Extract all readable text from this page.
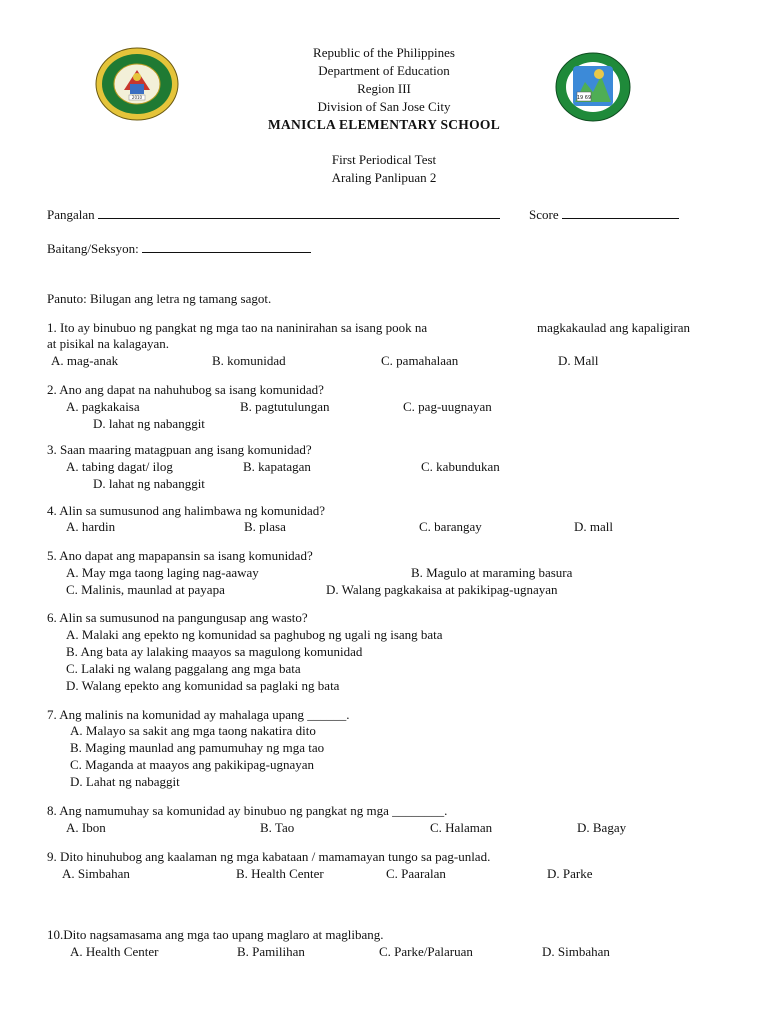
2010	19 69
Republic of the Philippines
Department of Education
Region III
Division of San Jose City
MANICLA ELEMENTARY SCHOOL
First Periodical Test
Araling Panlipuan 2
Pangalan	Score
Baitang/Seksyon:
Panuto: Bilugan ang letra ng tamang sagot.
1. Ito ay binubuo ng pangkat ng mga tao na naninirahan sa isang pook na	magkakaulad ang kapaligiran
at pisikal na kalagayan.
A. mag-anak	B. komunidad	C. pamahalaan	D. Mall
2. Ano ang dapat na nahuhubog sa isang komunidad?
A. pagkakaisa	B. pagtutulungan	C. pag-uugnayan
D. lahat ng nabanggit
3. Saan maaring matagpuan ang isang komunidad?
A. tabing dagat/ ilog	B. kapatagan	C. kabundukan
D. lahat ng nabanggit
4. Alin sa sumusunod ang halimbawa ng komunidad?
A. hardin	B. plasa	C. barangay	D. mall
5. Ano dapat ang mapapansin sa isang komunidad?
A. May mga taong laging nag-aaway	B. Magulo at maraming basura
C. Malinis, maunlad at payapa	D. Walang pagkakaisa at pakikipag-ugnayan
6. Alin sa sumusunod na pangungusap ang wasto?
A. Malaki ang epekto ng komunidad sa paghubog ng ugali ng isang bata
B. Ang bata ay lalaking maayos sa magulong komunidad
C. Lalaki ng walang paggalang ang mga bata
D. Walang epekto ang komunidad sa paglaki ng bata
7. Ang malinis na komunidad ay mahalaga upang ______.
A. Malayo sa sakit ang mga taong nakatira dito
B. Maging maunlad ang pamumuhay ng mga tao
C. Maganda at maayos ang pakikipag-ugnayan
D. Lahat ng nabaggit
8. Ang namumuhay sa komunidad ay binubuo ng pangkat ng mga ________.
A. Ibon	B. Tao	C. Halaman	D. Bagay
9. Dito hinuhubog ang kaalaman ng mga kabataan / mamamayan tungo sa pag-unlad.
A. Simbahan	B. Health Center	C. Paaralan	D. Parke
10.Dito nagsamasama ang mga tao upang maglaro at maglibang.
A. Health Center	B. Pamilihan	C. Parke/Palaruan	D. Simbahan
